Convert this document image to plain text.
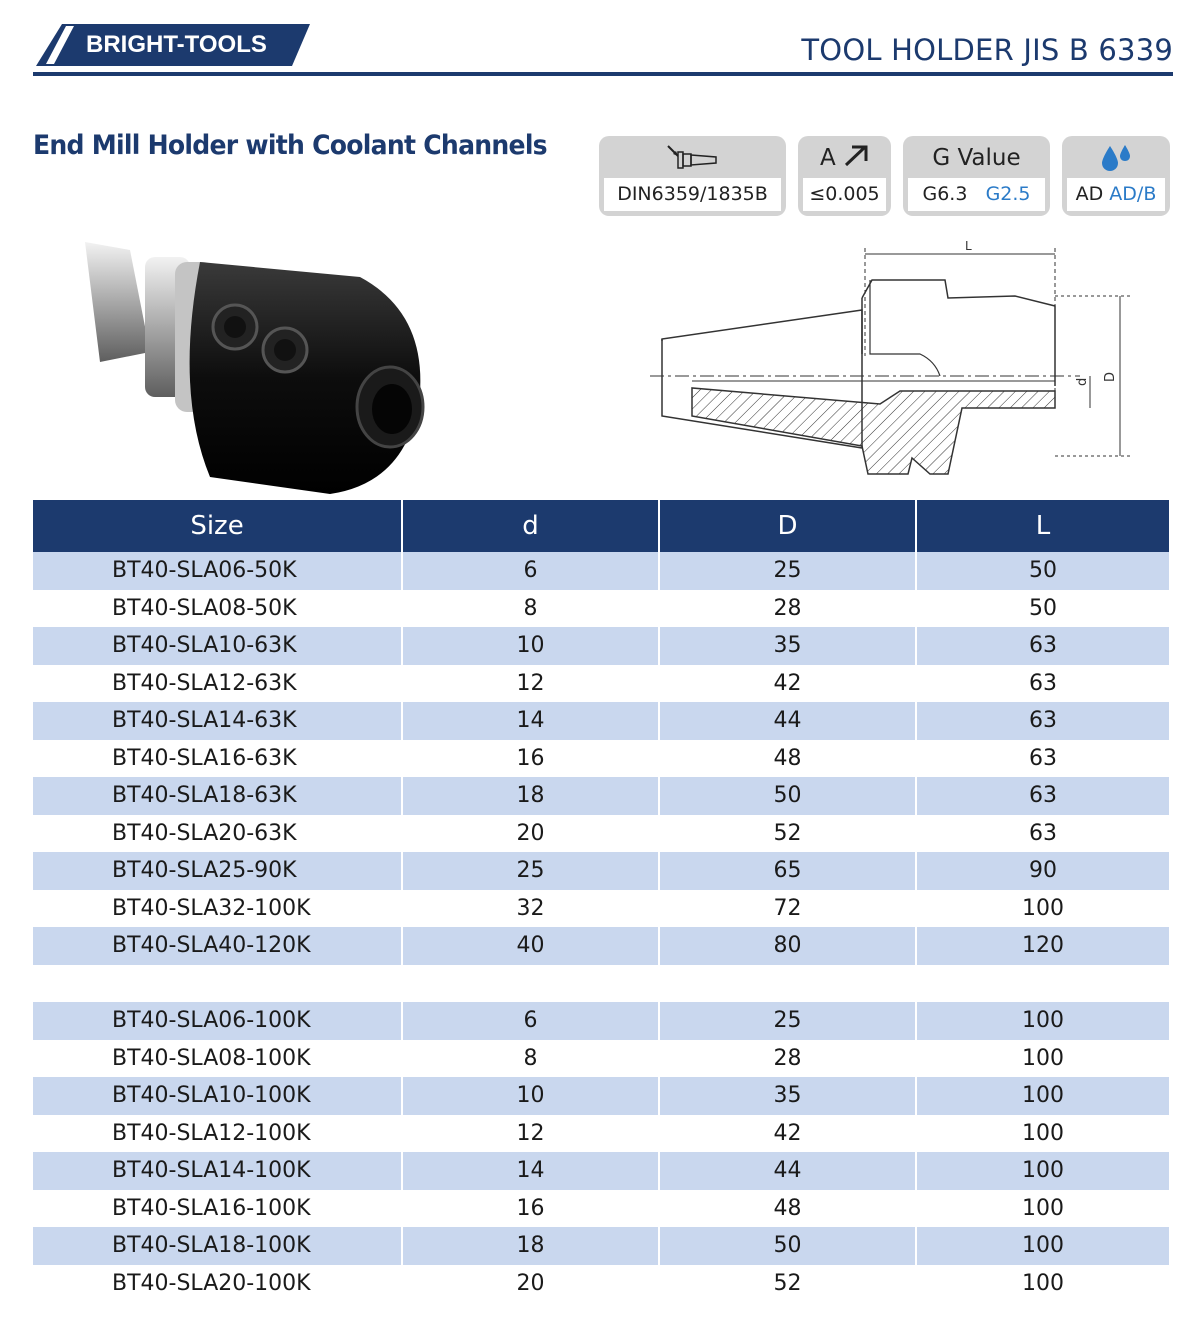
BRIGHT-TOOLS	TOOL HOLDER JIS B 6339
End Mill Holder with Coolant Channels
DIN6359/1835B
A
≤0.005
G Value
G6.3 G2.5	AD AD/B
L
d D
Size	d	D	L
BT40-SLA06-50K	6	25	50
BT40-SLA08-50K	8	28	50
BT40-SLA10-63K	10	35	63
BT40-SLA12-63K	12	42	63
BT40-SLA14-63K	14	44	63
BT40-SLA16-63K	16	48	63
BT40-SLA18-63K	18	50	63
BT40-SLA20-63K	20	52	63
BT40-SLA25-90K	25	65	90
BT40-SLA32-100K	32	72	100
BT40-SLA40-120K	40	80	120
BT40-SLA06-100K	6	25	100
BT40-SLA08-100K	8	28	100
BT40-SLA10-100K	10	35	100
BT40-SLA12-100K	12	42	100
BT40-SLA14-100K	14	44	100
BT40-SLA16-100K	16	48	100
BT40-SLA18-100K	18	50	100
BT40-SLA20-100K	20	52	100
